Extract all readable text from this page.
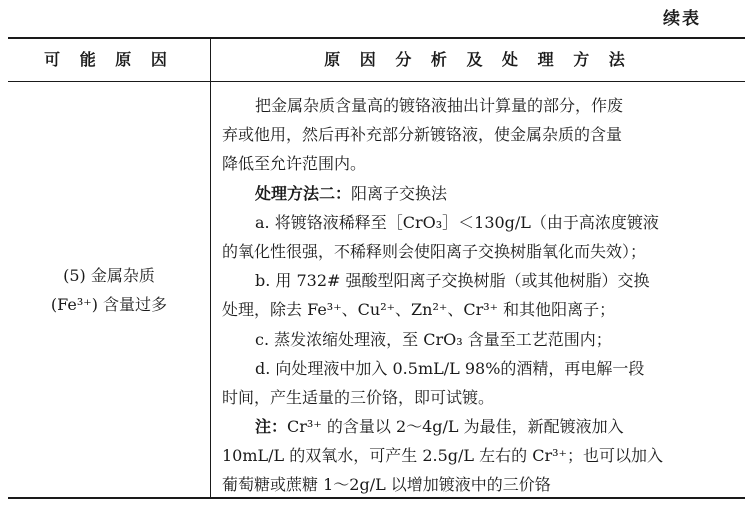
续表
可 能 原 因	原 因 分 析 及 处 理 方 法
(5) 金属杂质
(Fe³⁺) 含量过多
把金属杂质含量高的镀铬液抽出计算量的部分，作废
弃或他用，然后再补充部分新镀铬液，使金属杂质的含量
降低至允许范围内。
处理方法二：阳离子交换法
a. 将镀铬液稀释至［CrO₃］＜130g/L（由于高浓度镀液
的氧化性很强，不稀释则会使阳离子交换树脂氧化而失效）；
b. 用 732# 强酸型阳离子交换树脂（或其他树脂）交换
处理，除去 Fe³⁺、Cu²⁺、Zn²⁺、Cr³⁺ 和其他阳离子；
c. 蒸发浓缩处理液，至 CrO₃ 含量至工艺范围内；
d. 向处理液中加入 0.5mL/L 98%的酒精，再电解一段
时间，产生适量的三价铬，即可试镀。
注：Cr³⁺ 的含量以 2～4g/L 为最佳，新配镀液加入
10mL/L 的双氧水，可产生 2.5g/L 左右的 Cr³⁺；也可以加入
葡萄糖或蔗糖 1～2g/L 以增加镀液中的三价铬
